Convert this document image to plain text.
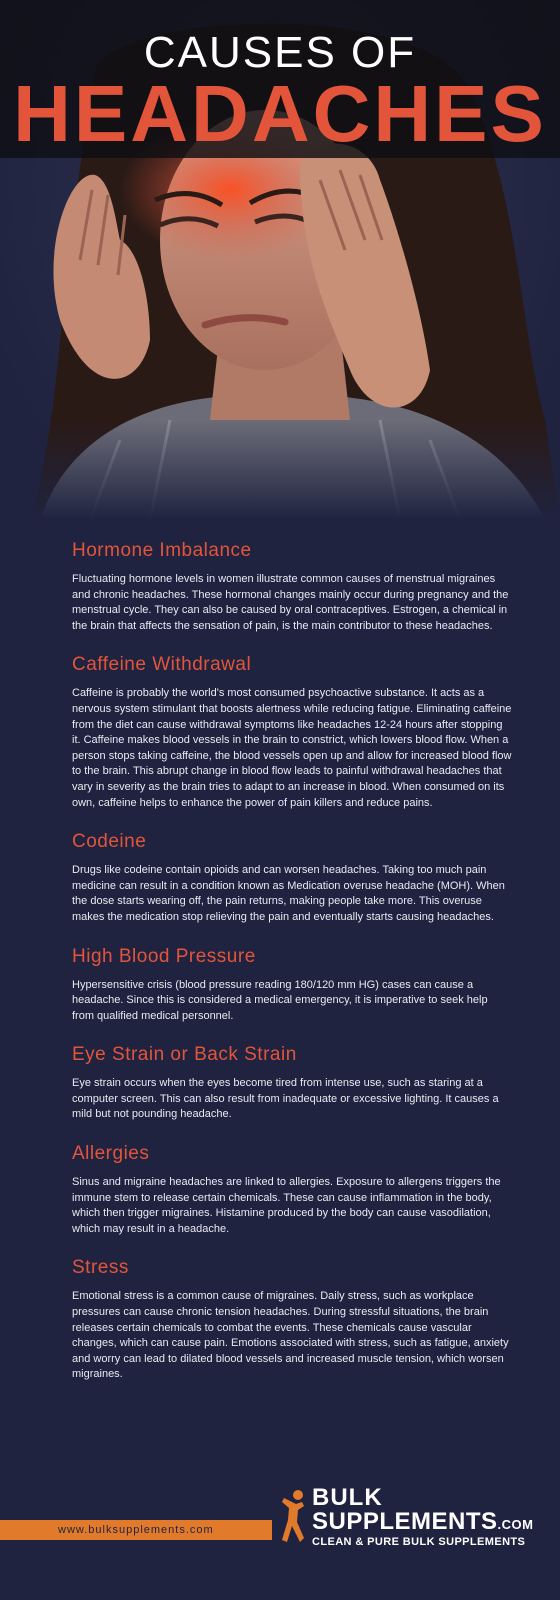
CAUSES OF
HEADACHES
Hormone Imbalance

Fluctuating hormone levels in women illustrate common causes of menstrual migraines and chronic headaches. These hormonal changes mainly occur during pregnancy and the menstrual cycle. They can also be caused by oral contraceptives. Estrogen, a chemical in the brain that affects the sensation of pain, is the main contributor to these headaches.

Caffeine Withdrawal

Caffeine is probably the world's most consumed psychoactive substance. It acts as a nervous system stimulant that boosts alertness while reducing fatigue. Eliminating caffeine from the diet can cause withdrawal symptoms like headaches 12-24 hours after stopping it. Caffeine makes blood vessels in the brain to constrict, which lowers blood flow. When a person stops taking caffeine, the blood vessels open up and allow for increased blood flow to the brain. This abrupt change in blood flow leads to painful withdrawal headaches that vary in severity as the brain tries to adapt to an increase in blood. When consumed on its own, caffeine helps to enhance the power of pain killers and reduce pains.

Codeine

Drugs like codeine contain opioids and can worsen headaches. Taking too much pain medicine can result in a condition known as Medication overuse headache (MOH). When the dose starts wearing off, the pain returns, making people take more. This overuse makes the medication stop relieving the pain and eventually starts causing headaches.

High Blood Pressure

Hypersensitive crisis (blood pressure reading 180/120 mm HG) cases can cause a headache. Since this is considered a medical emergency, it is imperative to seek help from qualified medical personnel.

Eye Strain or Back Strain

Eye strain occurs when the eyes become tired from intense use, such as staring at a computer screen. This can also result from inadequate or excessive lighting. It causes a mild but not pounding headache.

Allergies

Sinus and migraine headaches are linked to allergies. Exposure to allergens triggers the immune stem to release certain chemicals. These can cause inflammation in the body, which then trigger migraines. Histamine produced by the body can cause vasodilation, which may result in a headache.

Stress

Emotional stress is a common cause of migraines. Daily stress, such as workplace pressures can cause chronic tension headaches. During stressful situations, the brain releases certain chemicals to combat the events. These chemicals cause vascular changes, which can cause pain. Emotions associated with stress, such as fatigue, anxiety and worry can lead to dilated blood vessels and increased muscle tension, which worsen migraines.

www.bulksupplements.com
BULK
SUPPLEMENTS.COM
CLEAN & PURE BULK SUPPLEMENTS
